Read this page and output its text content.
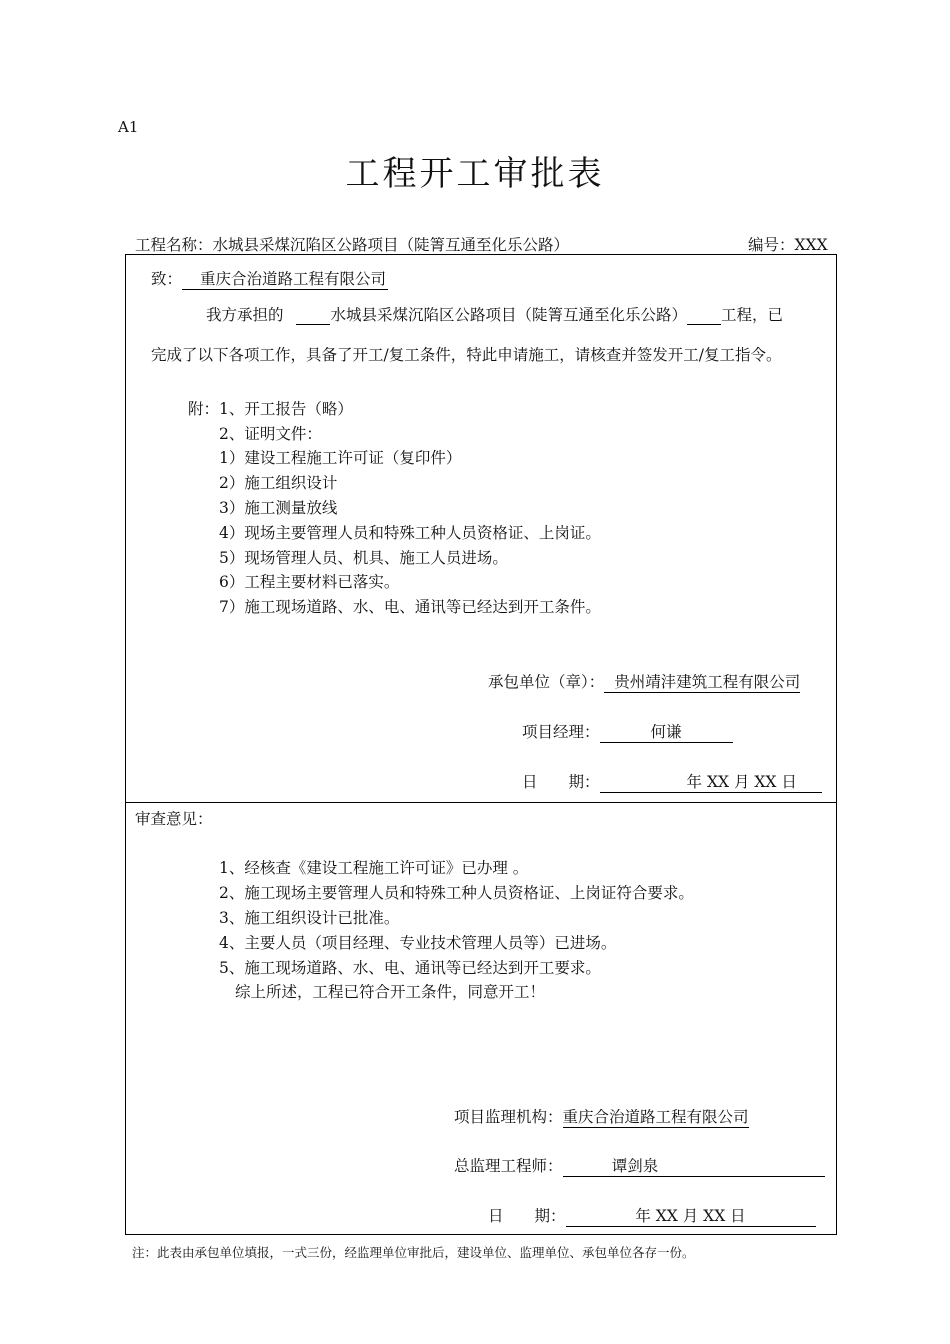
A1
工程开工审批表
工程名称：水城县采煤沉陷区公路项目（陡箐互通至化乐公路）	编号：XXX
致： 重庆合治道路工程有限公司
我方承担的	水城县采煤沉陷区公路项目（陡箐互通至化乐公路） 工程，已
完成了以下各项工作，具备了开工/复工条件，特此申请施工，请核查并签发开工/复工指令。
附：1、开工报告（略）
2、证明文件：
1）建设工程施工许可证（复印件）
2）施工组织设计
3）施工测量放线
4）现场主要管理人员和特殊工种人员资格证、上岗证。
5）现场管理人员、机具、施工人员进场。
6）工程主要材料已落实。
7）施工现场道路、水、电、通讯等已经达到开工条件。
承包单位（章）： 贵州靖沣建筑工程有限公司
项目经理：	何谦
日　　期：	年 XX 月 XX 日
审查意见：
1、经核查《建设工程施工许可证》已办理 。
2、施工现场主要管理人员和特殊工种人员资格证、上岗证符合要求。
3、施工组织设计已批准。
4、主要人员（项目经理、专业技术管理人员等）已进场。
5、施工现场道路、水、电、通讯等已经达到开工要求。
综上所述，工程已符合开工条件，同意开工！
项目监理机构：重庆合治道路工程有限公司
总监理工程师：	谭剑泉
日　　期：	年 XX 月 XX 日
注：此表由承包单位填报，一式三份，经监理单位审批后，建设单位、监理单位、承包单位各存一份。
